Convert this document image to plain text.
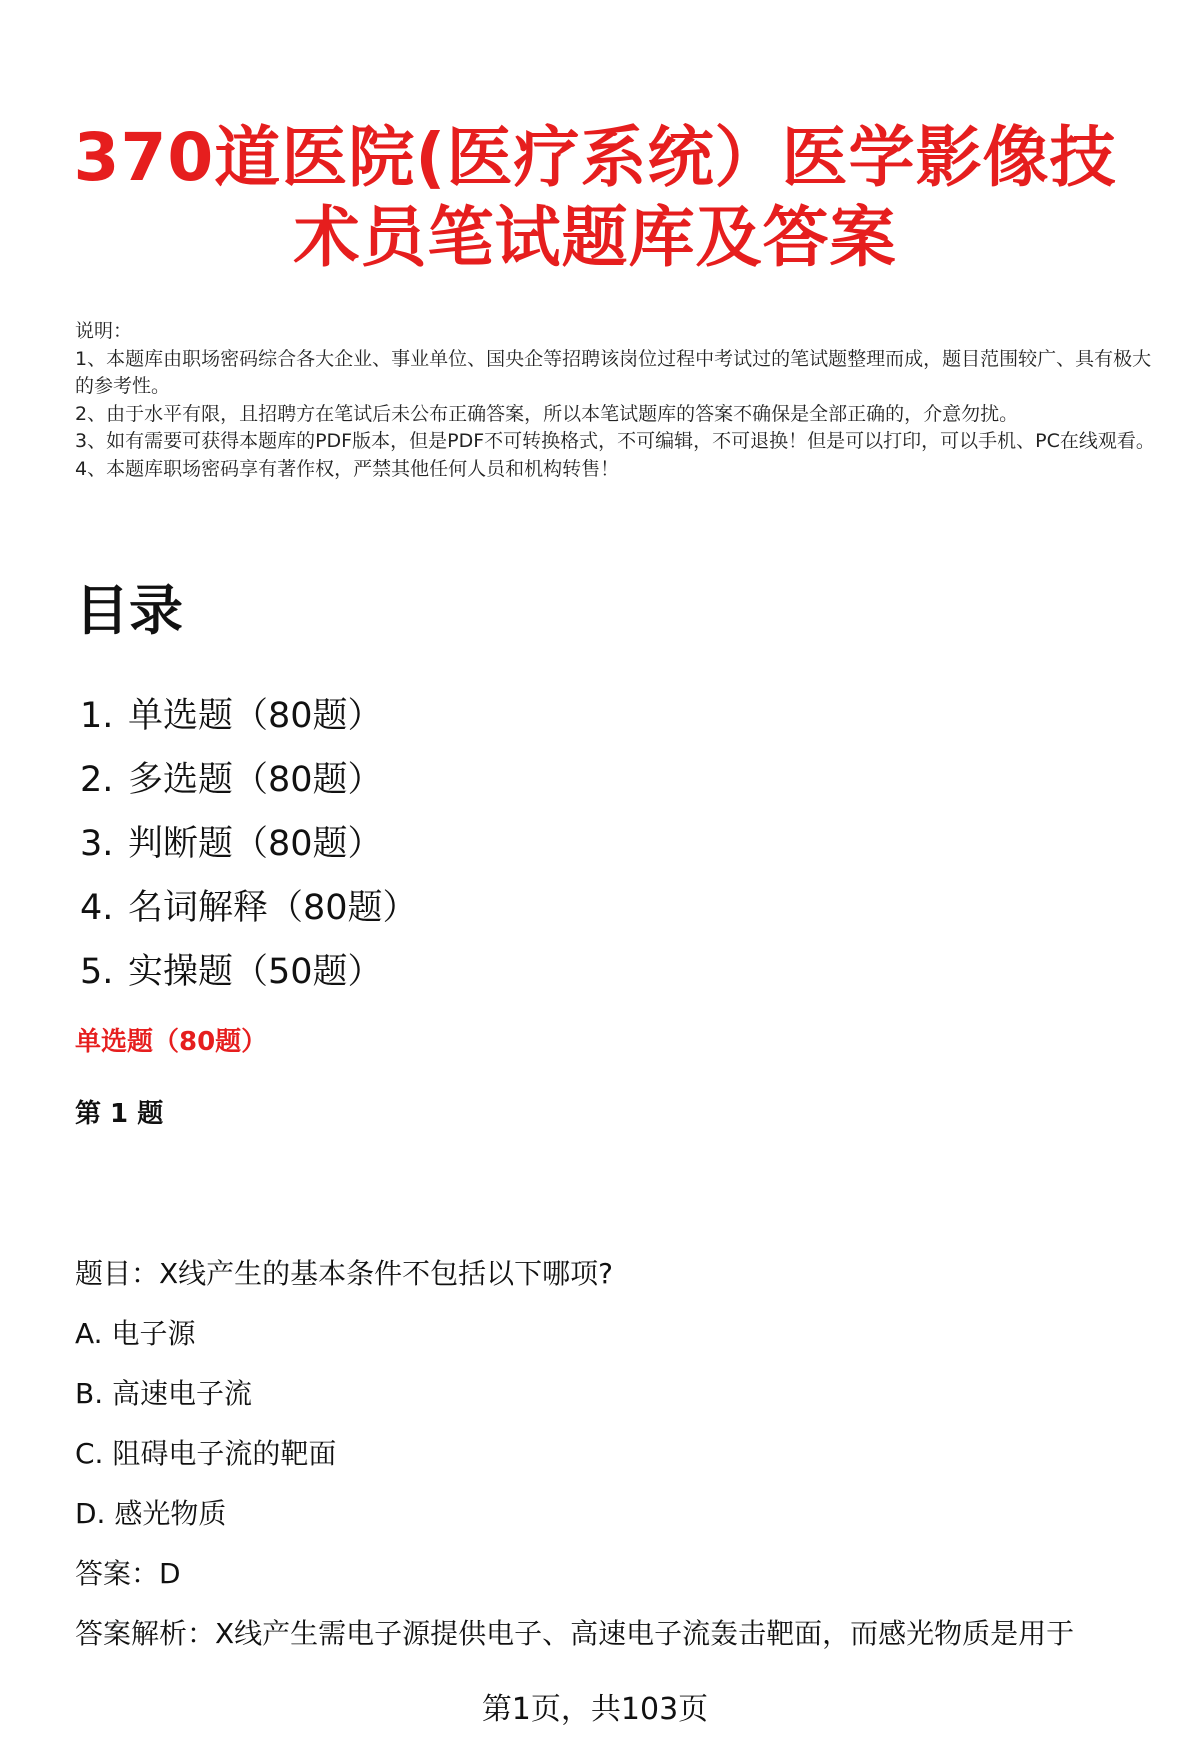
370道医院(医疗系统）医学影像技
术员笔试题库及答案
说明：
1、本题库由职场密码综合各大企业、事业单位、国央企等招聘该岗位过程中考试过的笔试题整理而成，题目范围较广、具有极大的参考性。
2、由于水平有限，且招聘方在笔试后未公布正确答案，所以本笔试题库的答案不确保是全部正确的，介意勿扰。
3、如有需要可获得本题库的PDF版本，但是PDF不可转换格式，不可编辑，不可退换！但是可以打印，可以手机、PC在线观看。
4、本题库职场密码享有著作权，严禁其他任何人员和机构转售！
目录
1. 单选题（80题）
2. 多选题（80题）
3. 判断题（80题）
4. 名词解释（80题）
5. 实操题（50题）
单选题（80题）
第 1 题
题目：X线产生的基本条件不包括以下哪项?
A. 电子源
B. 高速电子流
C. 阻碍电子流的靶面
D. 感光物质
答案：D
答案解析：X线产生需电子源提供电子、高速电子流轰击靶面，而感光物质是用于
第1页，共103页
